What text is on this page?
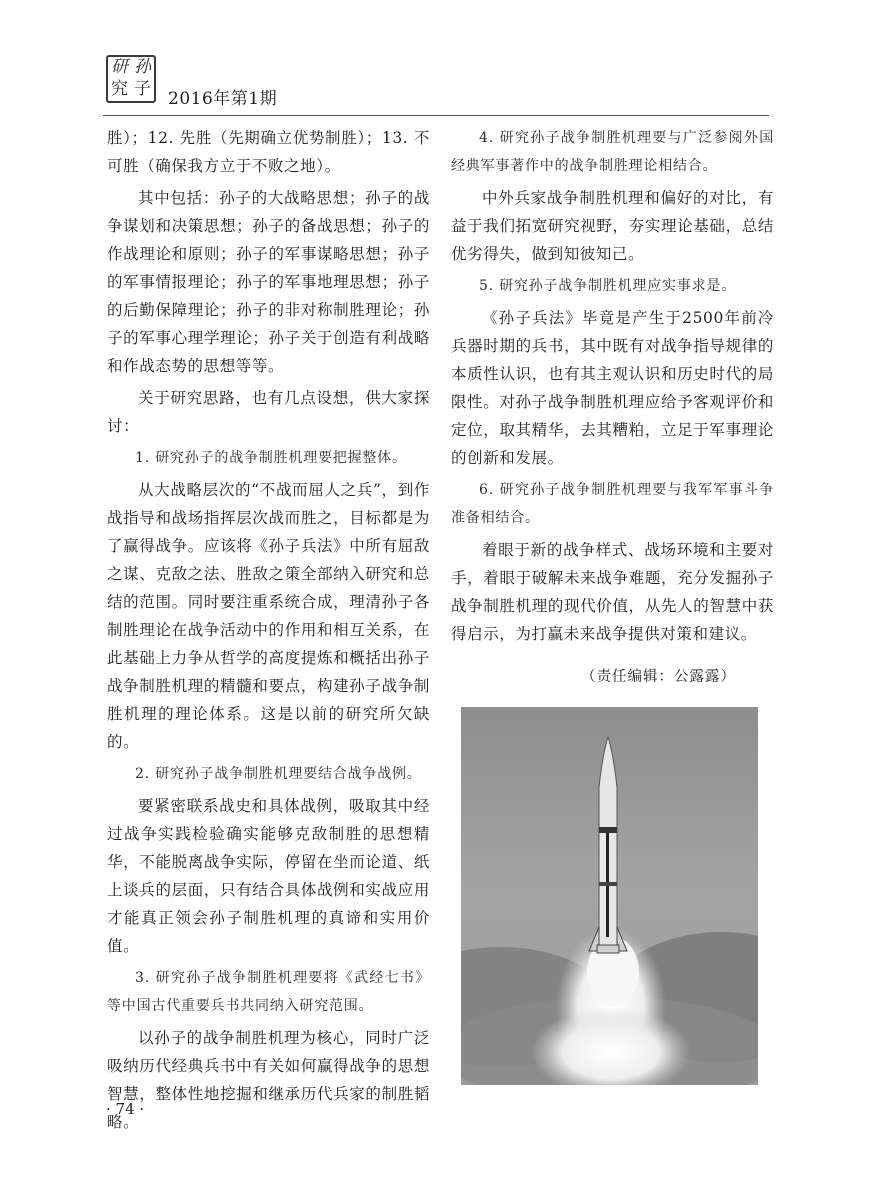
研 孙
究 子 2016年第1期

胜）；12. 先胜（先期确立优势制胜）；13. 不可胜（确保我方立于不败之地）。

其中包括：孙子的大战略思想；孙子的战争谋划和决策思想；孙子的备战思想；孙子的作战理论和原则；孙子的军事谋略思想；孙子的军事情报理论；孙子的军事地理思想；孙子的后勤保障理论；孙子的非对称制胜理论；孙子的军事心理学理论；孙子关于创造有利战略和作战态势的思想等等。

关于研究思路，也有几点设想，供大家探讨：

1. 研究孙子的战争制胜机理要把握整体。

从大战略层次的“不战而屈人之兵”，到作战指导和战场指挥层次战而胜之，目标都是为了赢得战争。应该将《孙子兵法》中所有屈敌之谋、克敌之法、胜敌之策全部纳入研究和总结的范围。同时要注重系统合成，理清孙子各制胜理论在战争活动中的作用和相互关系，在此基础上力争从哲学的高度提炼和概括出孙子战争制胜机理的精髓和要点，构建孙子战争制胜机理的理论体系。这是以前的研究所欠缺的。

2. 研究孙子战争制胜机理要结合战争战例。

要紧密联系战史和具体战例，吸取其中经过战争实践检验确实能够克敌制胜的思想精华，不能脱离战争实际，停留在坐而论道、纸上谈兵的层面，只有结合具体战例和实战应用才能真正领会孙子制胜机理的真谛和实用价值。

3. 研究孙子战争制胜机理要将《武经七书》等中国古代重要兵书共同纳入研究范围。

以孙子的战争制胜机理为核心，同时广泛吸纳历代经典兵书中有关如何赢得战争的思想智慧，整体性地挖掘和继承历代兵家的制胜韬略。

4. 研究孙子战争制胜机理要与广泛参阅外国经典军事著作中的战争制胜理论相结合。

中外兵家战争制胜机理和偏好的对比，有益于我们拓宽研究视野，夯实理论基础，总结优劣得失，做到知彼知己。

5. 研究孙子战争制胜机理应实事求是。

《孙子兵法》毕竟是产生于2500年前冷兵器时期的兵书，其中既有对战争指导规律的本质性认识，也有其主观认识和历史时代的局限性。对孙子战争制胜机理应给予客观评价和定位，取其精华，去其糟粕，立足于军事理论的创新和发展。

6. 研究孙子战争制胜机理要与我军军事斗争准备相结合。

着眼于新的战争样式、战场环境和主要对手，着眼于破解未来战争难题，充分发掘孙子战争制胜机理的现代价值，从先人的智慧中获得启示，为打赢未来战争提供对策和建议。

（责任编辑：公露露）
· 74 ·
